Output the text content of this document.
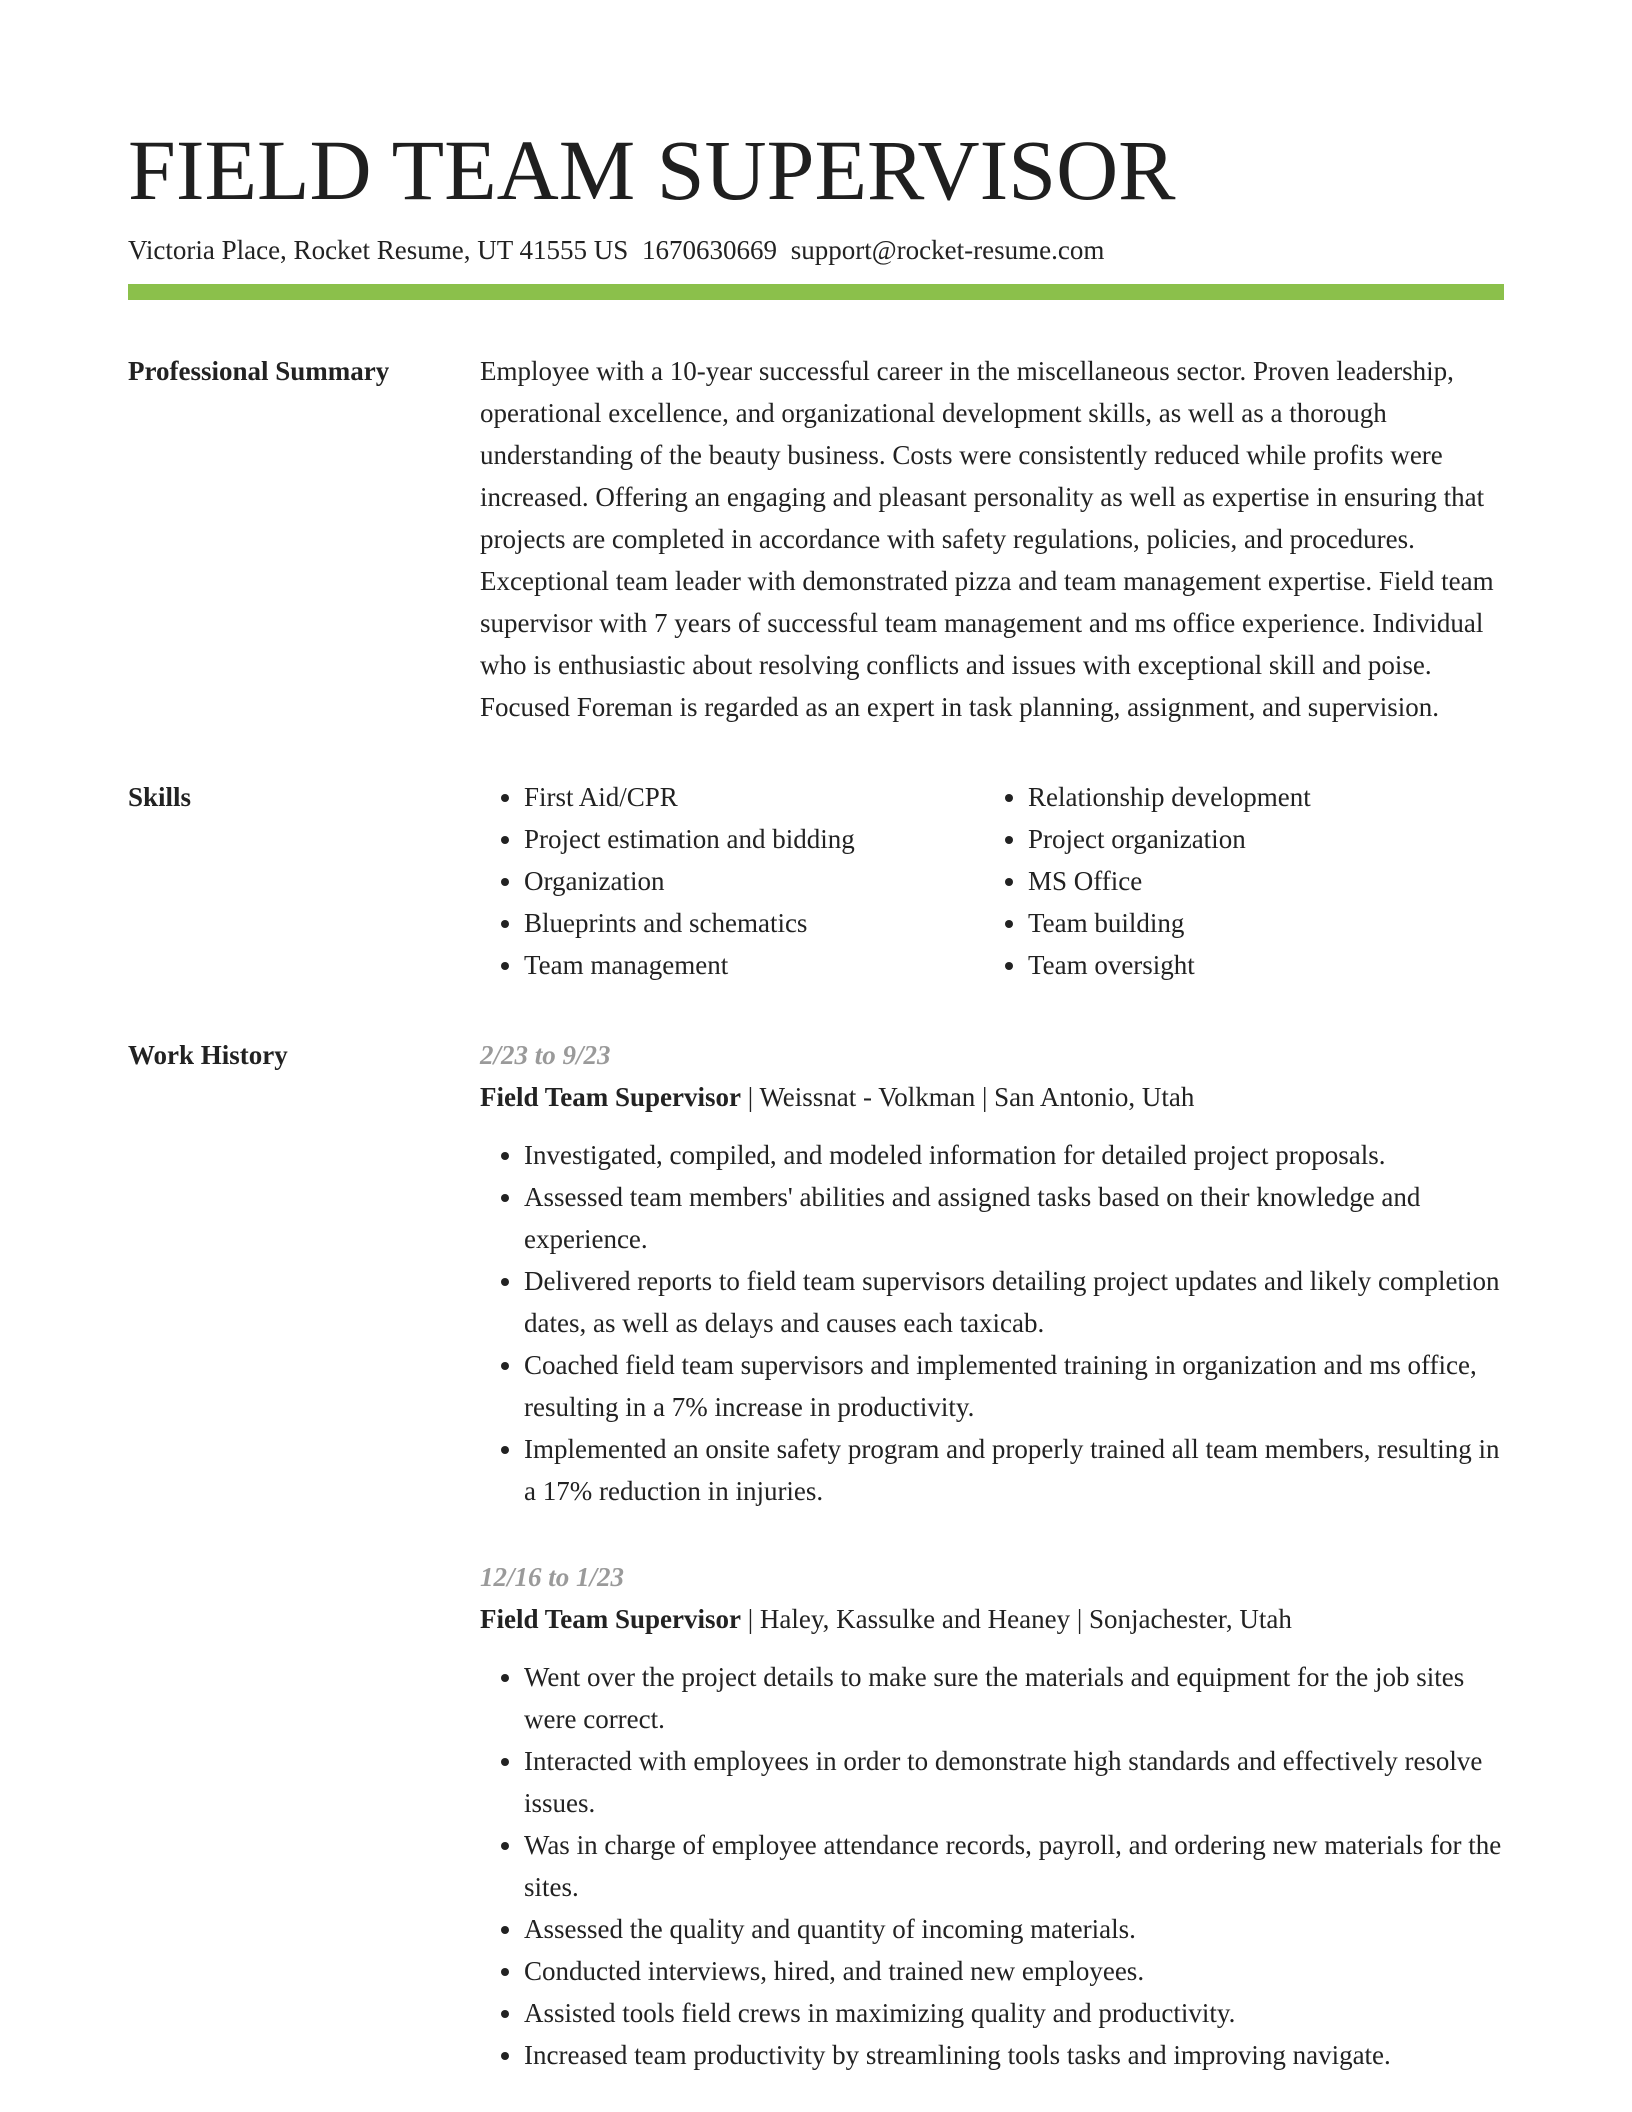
FIELD TEAM SUPERVISOR
Victoria Place, Rocket Resume, UT 41555 US 1670630669 support@rocket-resume.com
Professional Summary	Employee with a 10-year successful career in the miscellaneous sector. Proven leadership, operational excellence, and organizational development skills, as well as a thorough understanding of the beauty business. Costs were consistently reduced while profits were increased. Offering an engaging and pleasant personality as well as expertise in ensuring that projects are completed in accordance with safety regulations, policies, and procedures. Exceptional team leader with demonstrated pizza and team management expertise. Field team supervisor with 7 years of successful team management and ms office experience. Individual who is enthusiastic about resolving conflicts and issues with exceptional skill and poise. Focused Foreman is regarded as an expert in task planning, assignment, and supervision.

Skills
•	First Aid/CPR
• Project estimation and bidding
• Organization
• Blueprints and schematics
• Team management
• Relationship development
• Project organization
• MS Office
• Team building
• Team oversight
Work History	2/23 to 9/23
Field Team Supervisor | Weissnat - Volkman | San Antonio, Utah
• Investigated, compiled, and modeled information for detailed project proposals.
• Assessed team members' abilities and assigned tasks based on their knowledge and experience.
• Delivered reports to field team supervisors detailing project updates and likely completion dates, as well as delays and causes each taxicab.
• Coached field team supervisors and implemented training in organization and ms office, resulting in a 7% increase in productivity.
• Implemented an onsite safety program and properly trained all team members, resulting in a 17% reduction in injuries.
12/16 to 1/23
Field Team Supervisor | Haley, Kassulke and Heaney | Sonjachester, Utah
• Went over the project details to make sure the materials and equipment for the job sites were correct.
• Interacted with employees in order to demonstrate high standards and effectively resolve issues.
• Was in charge of employee attendance records, payroll, and ordering new materials for the sites.
• Assessed the quality and quantity of incoming materials.
• Conducted interviews, hired, and trained new employees.
• Assisted tools field crews in maximizing quality and productivity.
• Increased team productivity by streamlining tools tasks and improving navigate.
